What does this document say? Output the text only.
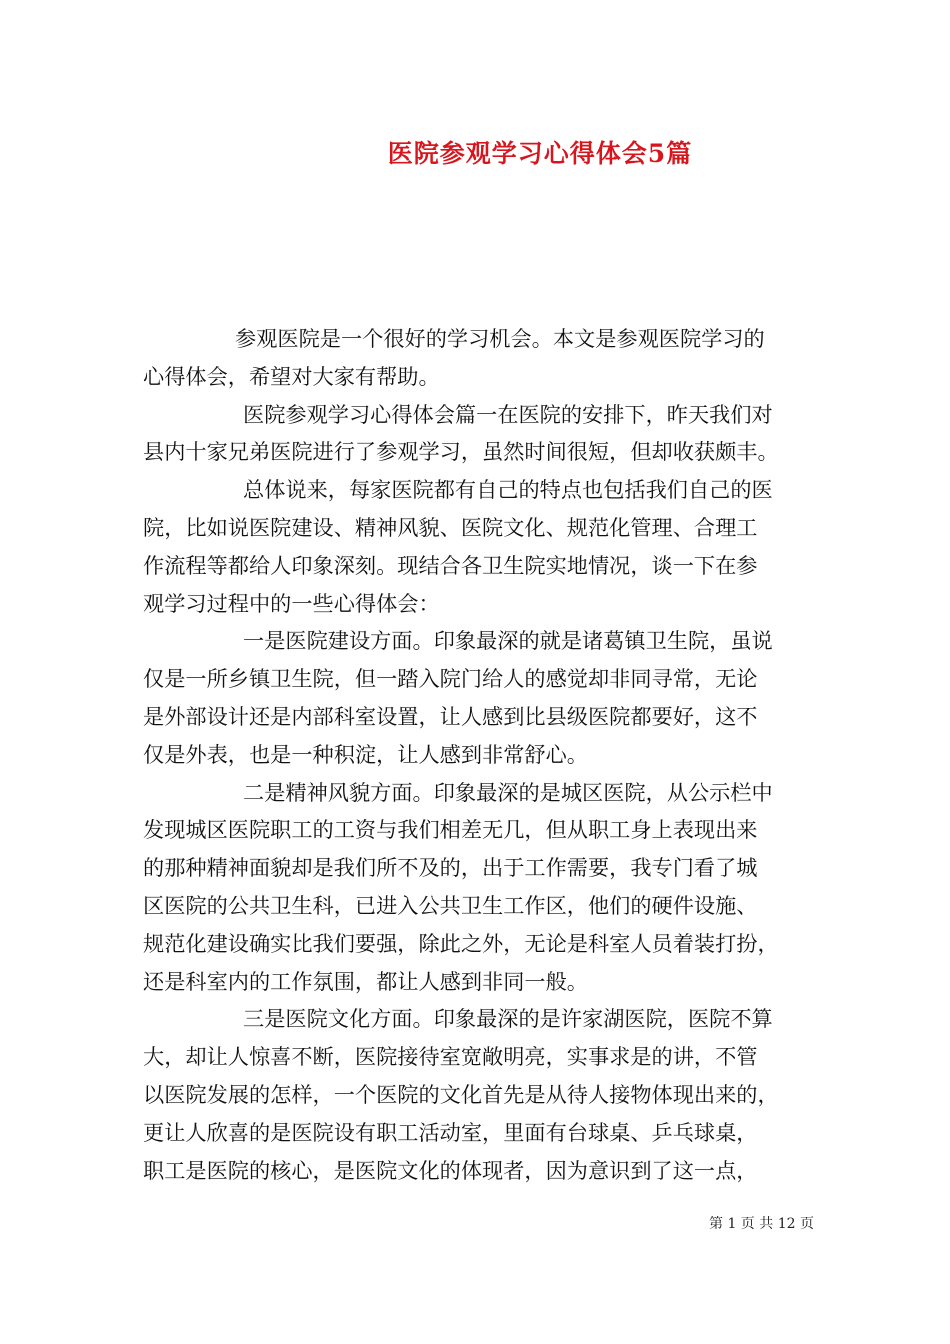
医院参观学习心得体会5篇
参观医院是一个很好的学习机会。本文是参观医院学习的
心得体会，希望对大家有帮助。
医院参观学习心得体会篇一在医院的安排下，昨天我们对
县内十家兄弟医院进行了参观学习，虽然时间很短，但却收获颇丰。
总体说来，每家医院都有自己的特点也包括我们自己的医
院，比如说医院建设、精神风貌、医院文化、规范化管理、合理工
作流程等都给人印象深刻。现结合各卫生院实地情况，谈一下在参
观学习过程中的一些心得体会：
一是医院建设方面。印象最深的就是诸葛镇卫生院，虽说
仅是一所乡镇卫生院，但一踏入院门给人的感觉却非同寻常，无论
是外部设计还是内部科室设置，让人感到比县级医院都要好，这不
仅是外表，也是一种积淀，让人感到非常舒心。
二是精神风貌方面。印象最深的是城区医院，从公示栏中
发现城区医院职工的工资与我们相差无几，但从职工身上表现出来
的那种精神面貌却是我们所不及的，出于工作需要，我专门看了城
区医院的公共卫生科，已进入公共卫生工作区，他们的硬件设施、
规范化建设确实比我们要强，除此之外，无论是科室人员着装打扮，
还是科室内的工作氛围，都让人感到非同一般。
三是医院文化方面。印象最深的是许家湖医院，医院不算
大，却让人惊喜不断，医院接待室宽敞明亮，实事求是的讲，不管
以医院发展的怎样，一个医院的文化首先是从待人接物体现出来的，
更让人欣喜的是医院设有职工活动室，里面有台球桌、乒乓球桌，
职工是医院的核心，是医院文化的体现者，因为意识到了这一点，
第 1 页 共 12 页
